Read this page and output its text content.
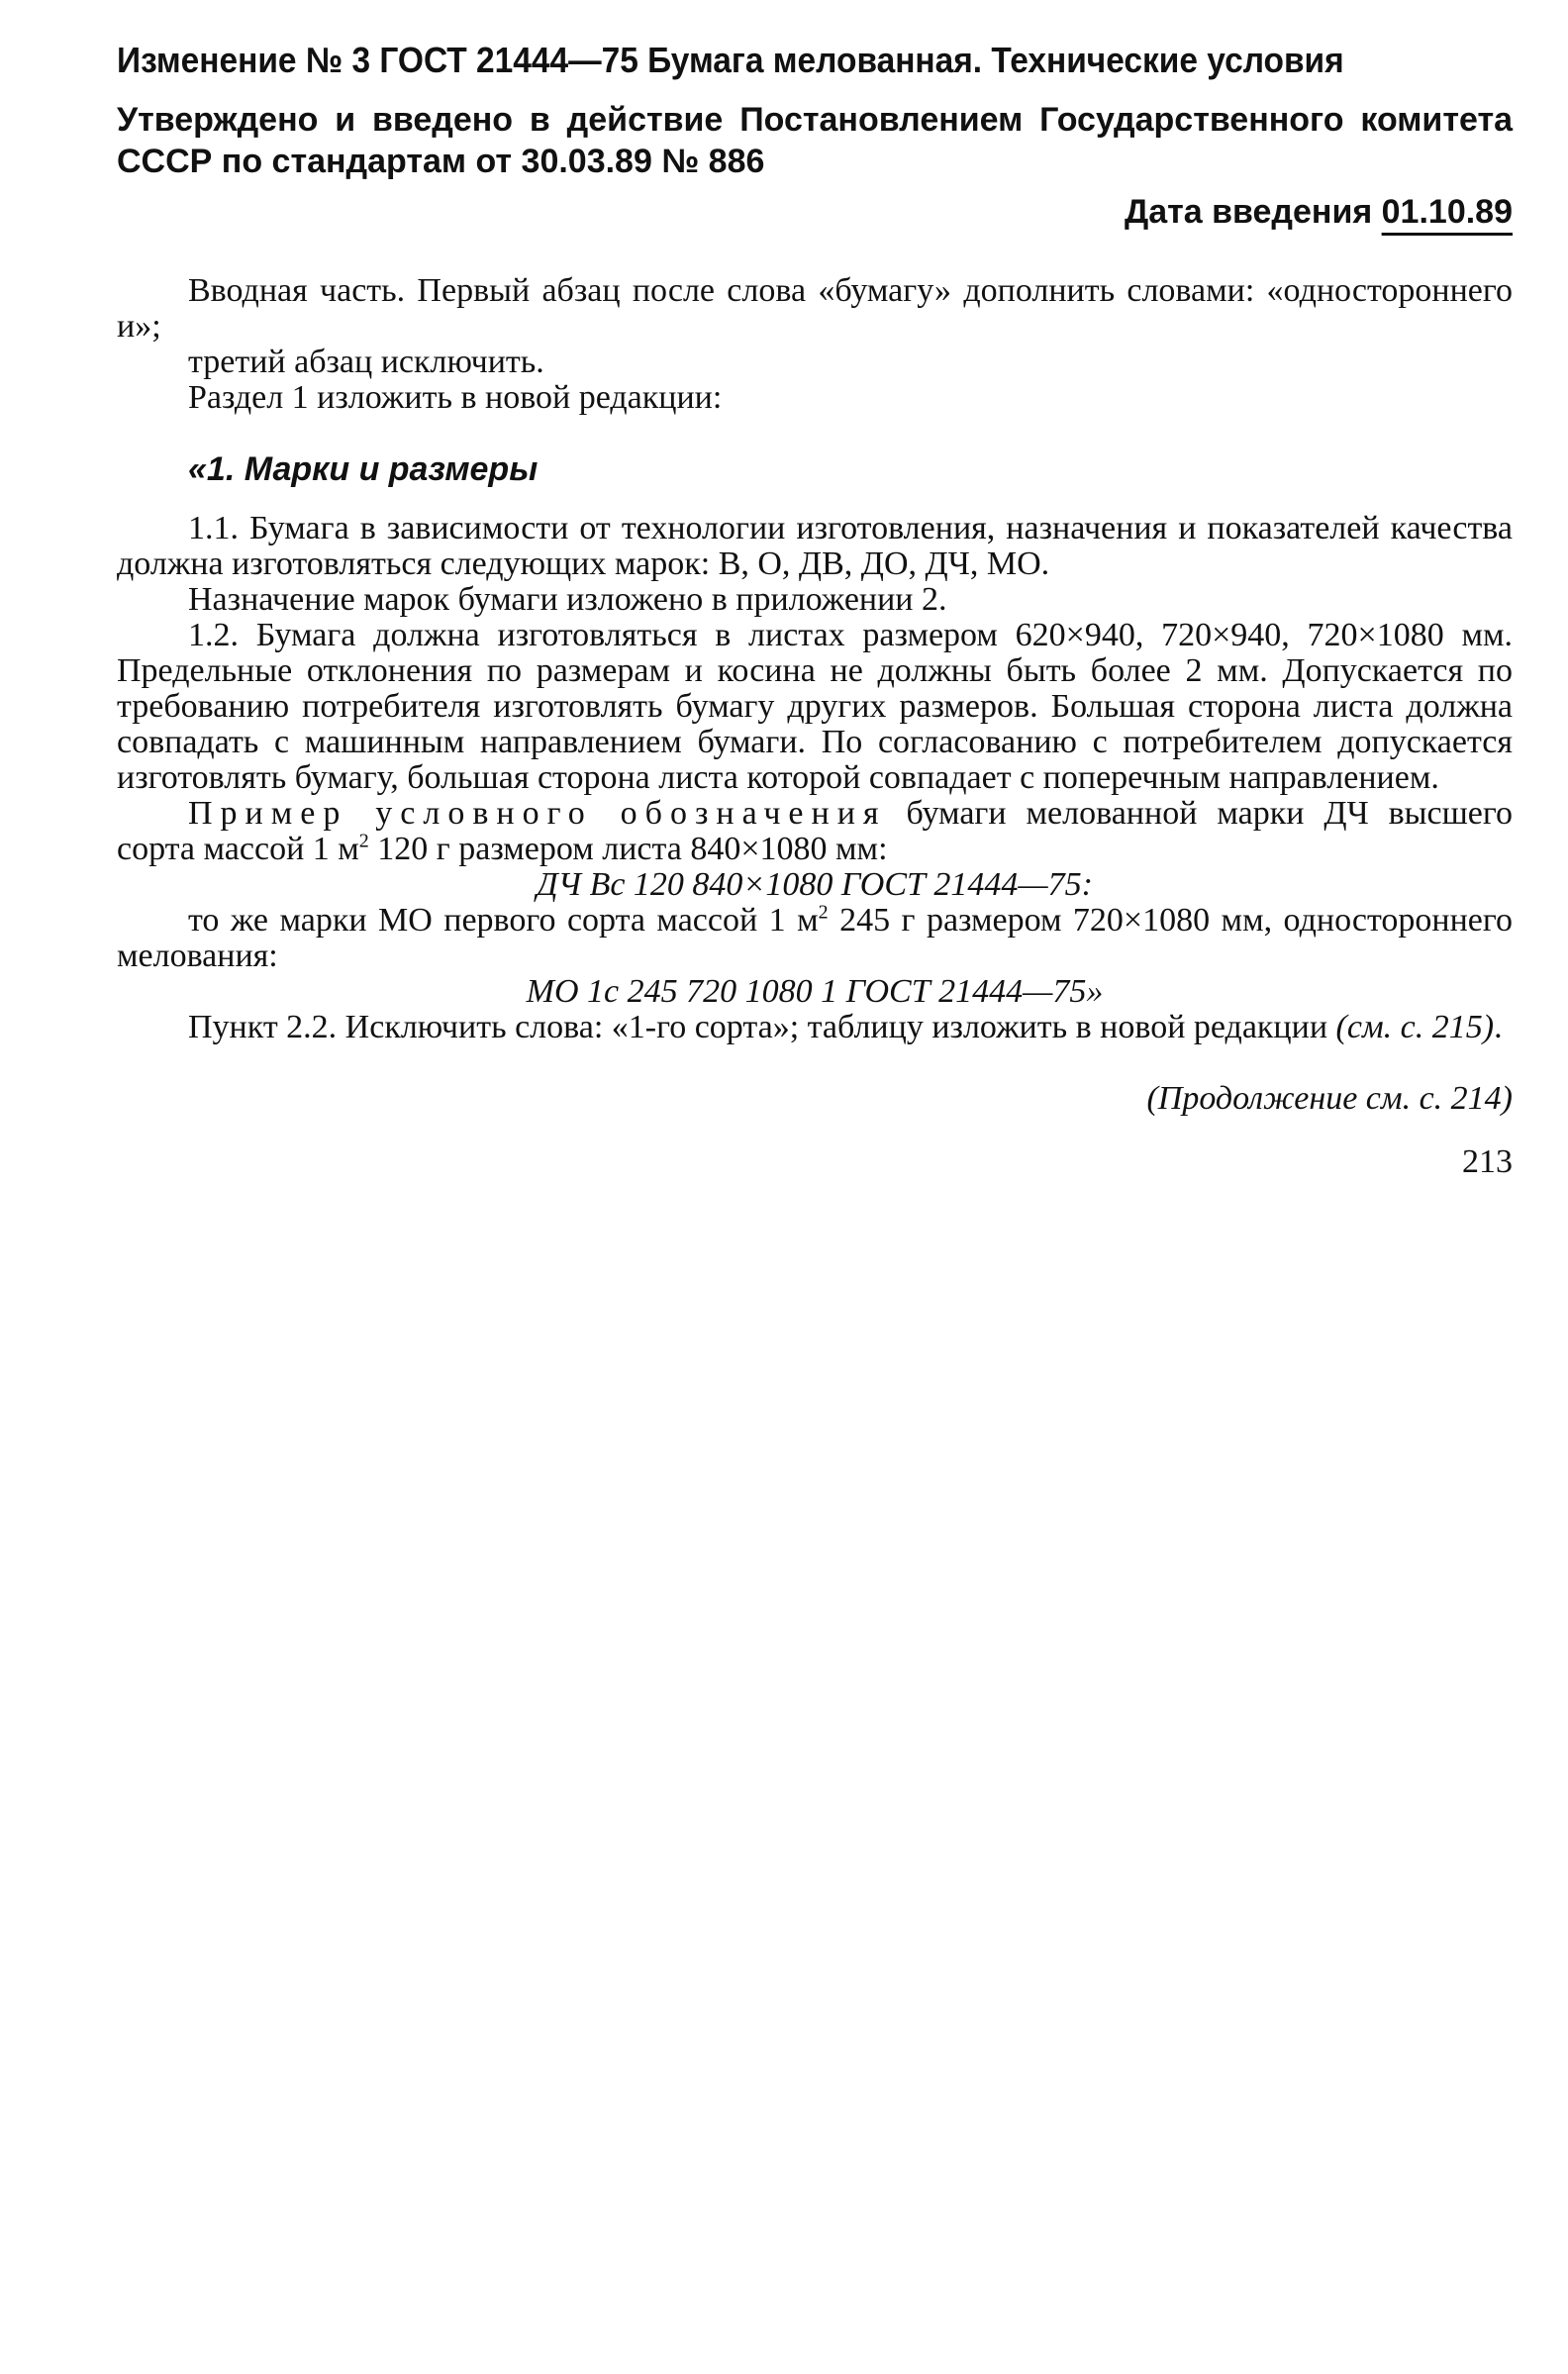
Изменение № 3 ГОСТ 21444—75 Бумага мелованная. Технические условия
Утверждено и введено в действие Постановлением Государственного комитета СССР по стандартам от 30.03.89 № 886
Дата введения 01.10.89

Вводная часть. Первый абзац после слова «бумагу» дополнить словами: «одностороннего и»;

третий абзац исключить.

Раздел 1 изложить в новой редакции:

«1. Марки и размеры

1.1. Бумага в зависимости от технологии изготовления, назначения и показателей качества должна изготовляться следующих марок: В, О, ДВ, ДО, ДЧ, МО.

Назначение марок бумаги изложено в приложении 2.

1.2. Бумага должна изготовляться в листах размером 620×940, 720×940, 720×1080 мм. Предельные отклонения по размерам и косина не должны быть более 2 мм. Допускается по требованию потребителя изготовлять бумагу других размеров. Большая сторона листа должна совпадать с машинным направлением бумаги. По согласованию с потребителем допускается изготовлять бумагу, большая сторона листа которой совпадает с поперечным направлением.

Пример условного обозначения бумаги мелованной марки ДЧ высшего сорта массой 1 $м^2$ 120 г размером листа 840×1080 мм:

ДЧ Вс 120 840×1080 ГОСТ 21444—75:

то же марки МО первого сорта массой 1 $м^2$ 245 г размером 720×1080 мм, одностороннего мелования:

МО 1с 245 720 1080 1 ГОСТ 21444—75»

Пункт 2.2. Исключить слова: «1-го сорта»; таблицу изложить в новой редакции (см. с. 215).

(Продолжение см. с. 214)
213
